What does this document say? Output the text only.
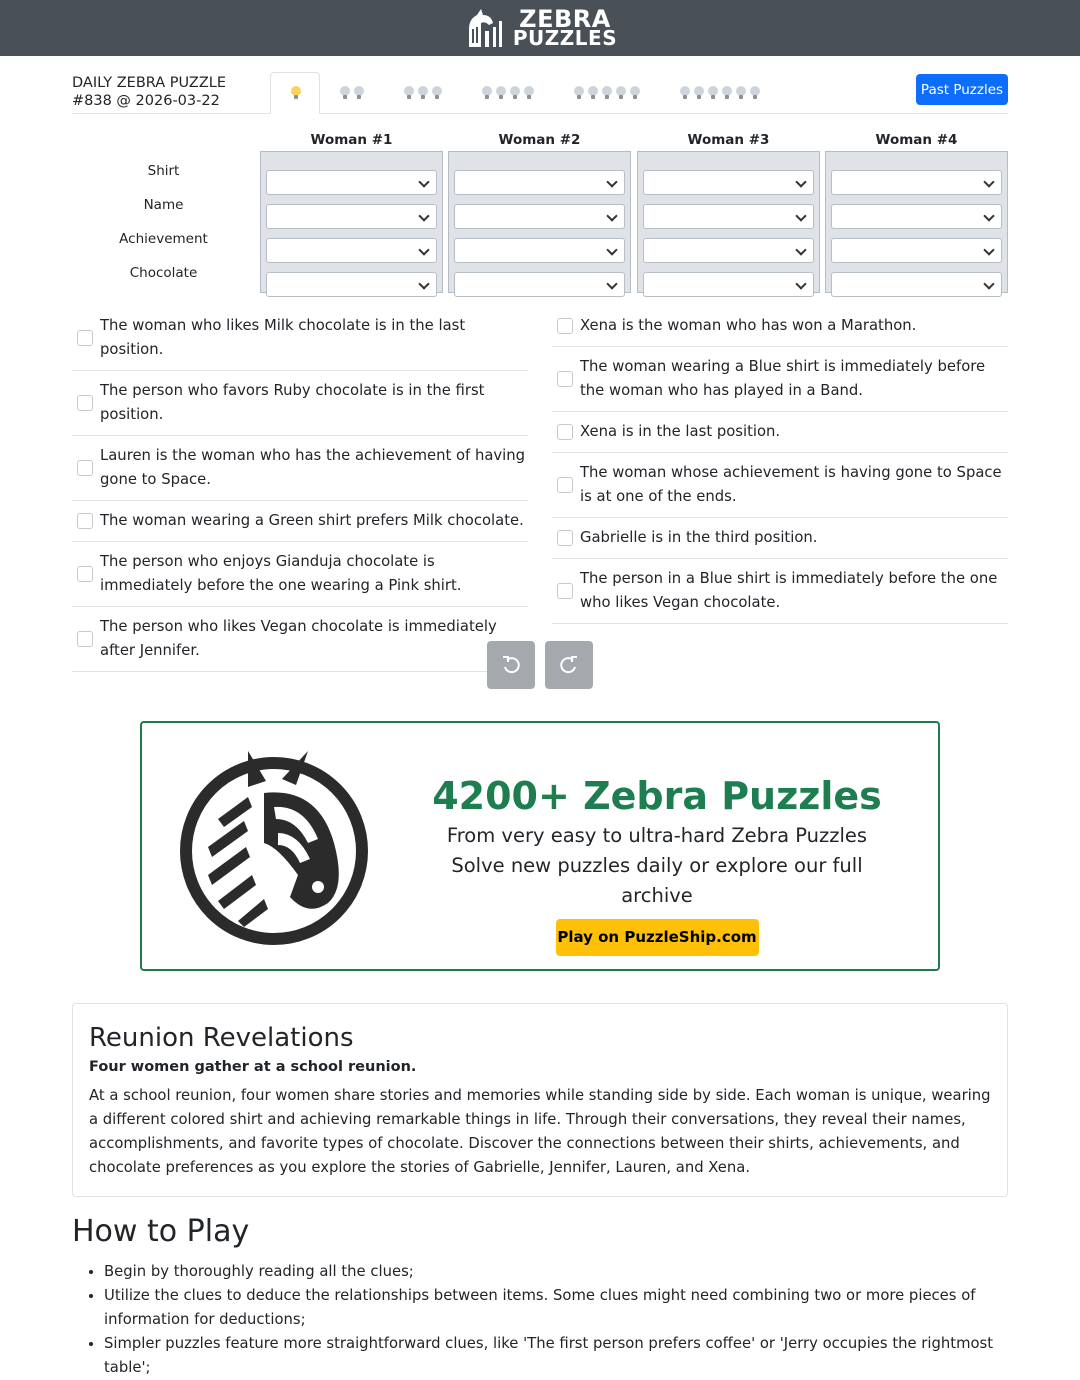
ZEBRA
PUZZLES
DAILY ZEBRA PUZZLE
#838 @ 2026-03-22
Past Puzzles
Shirt
Name
Achievement
Chocolate
Woman #1	Woman #2	Woman #3	Woman #4
The woman who likes Milk chocolate is in the last position.
The person who favors Ruby chocolate is in the first position.
Lauren is the woman who has the achievement of having gone to Space.
The woman wearing a Green shirt prefers Milk chocolate.
The person who enjoys Gianduja chocolate is immediately before the one wearing a Pink shirt.
The person who likes Vegan chocolate is immediately after Jennifer.
Xena is the woman who has won a Marathon.
The woman wearing a Blue shirt is immediately before the woman who has played in a Band.
Xena is in the last position.
The woman whose achievement is having gone to Space is at one of the ends.
Gabrielle is in the third position.
The person in a Blue shirt is immediately before the one who likes Vegan chocolate.
4200+ Zebra Puzzles
From very easy to ultra-hard Zebra Puzzles
Solve new puzzles daily or explore our full archive
Play on PuzzleShip.com
Reunion Revelations
Four women gather at a school reunion.

At a school reunion, four women share stories and memories while standing side by side. Each woman is unique, wearing a different colored shirt and achieving remarkable things in life. Through their conversations, they reveal their names, accomplishments, and favorite types of chocolate. Discover the connections between their shirts, achievements, and chocolate preferences as you explore the stories of Gabrielle, Jennifer, Lauren, and Xena.

How to Play
• Begin by thoroughly reading all the clues;
• Utilize the clues to deduce the relationships between items. Some clues might need combining two or more pieces of information for deductions;
• Simpler puzzles feature more straightforward clues, like 'The first person prefers coffee' or 'Jerry occupies the rightmost table';
